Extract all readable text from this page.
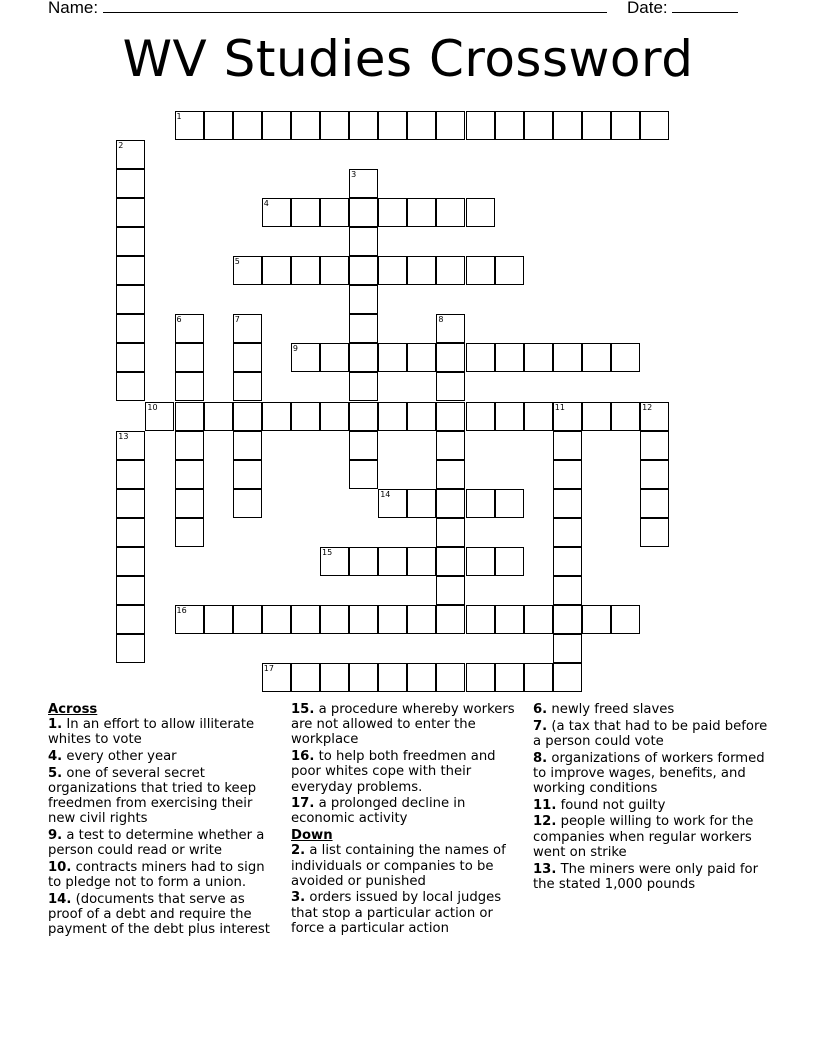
Name:	Date:
WV Studies Crossword
1
2
3
4
5
6	7	8
9
10	11	12
13
14
15
16
17
Across
1. In an effort to allow illiterate whites to vote
4. every other year
5. one of several secret organizations that tried to keep freedmen from exercising their new civil rights
9. a test to determine whether a person could read or write
10. contracts miners had to sign to pledge not to form a union.
14. (documents that serve as proof of a debt and require the payment of the debt plus interest
15. a procedure whereby workers are not allowed to enter the workplace
16. to help both freedmen and poor whites cope with their everyday problems.
17. a prolonged decline in economic activity
Down
2. a list containing the names of individuals or companies to be avoided or punished
3. orders issued by local judges that stop a particular action or force a particular action
6. newly freed slaves
7. (a tax that had to be paid before a person could vote
8. organizations of workers formed to improve wages, benefits, and working conditions
11. found not guilty
12. people willing to work for the companies when regular workers went on strike
13. The miners were only paid for the stated 1,000 pounds
